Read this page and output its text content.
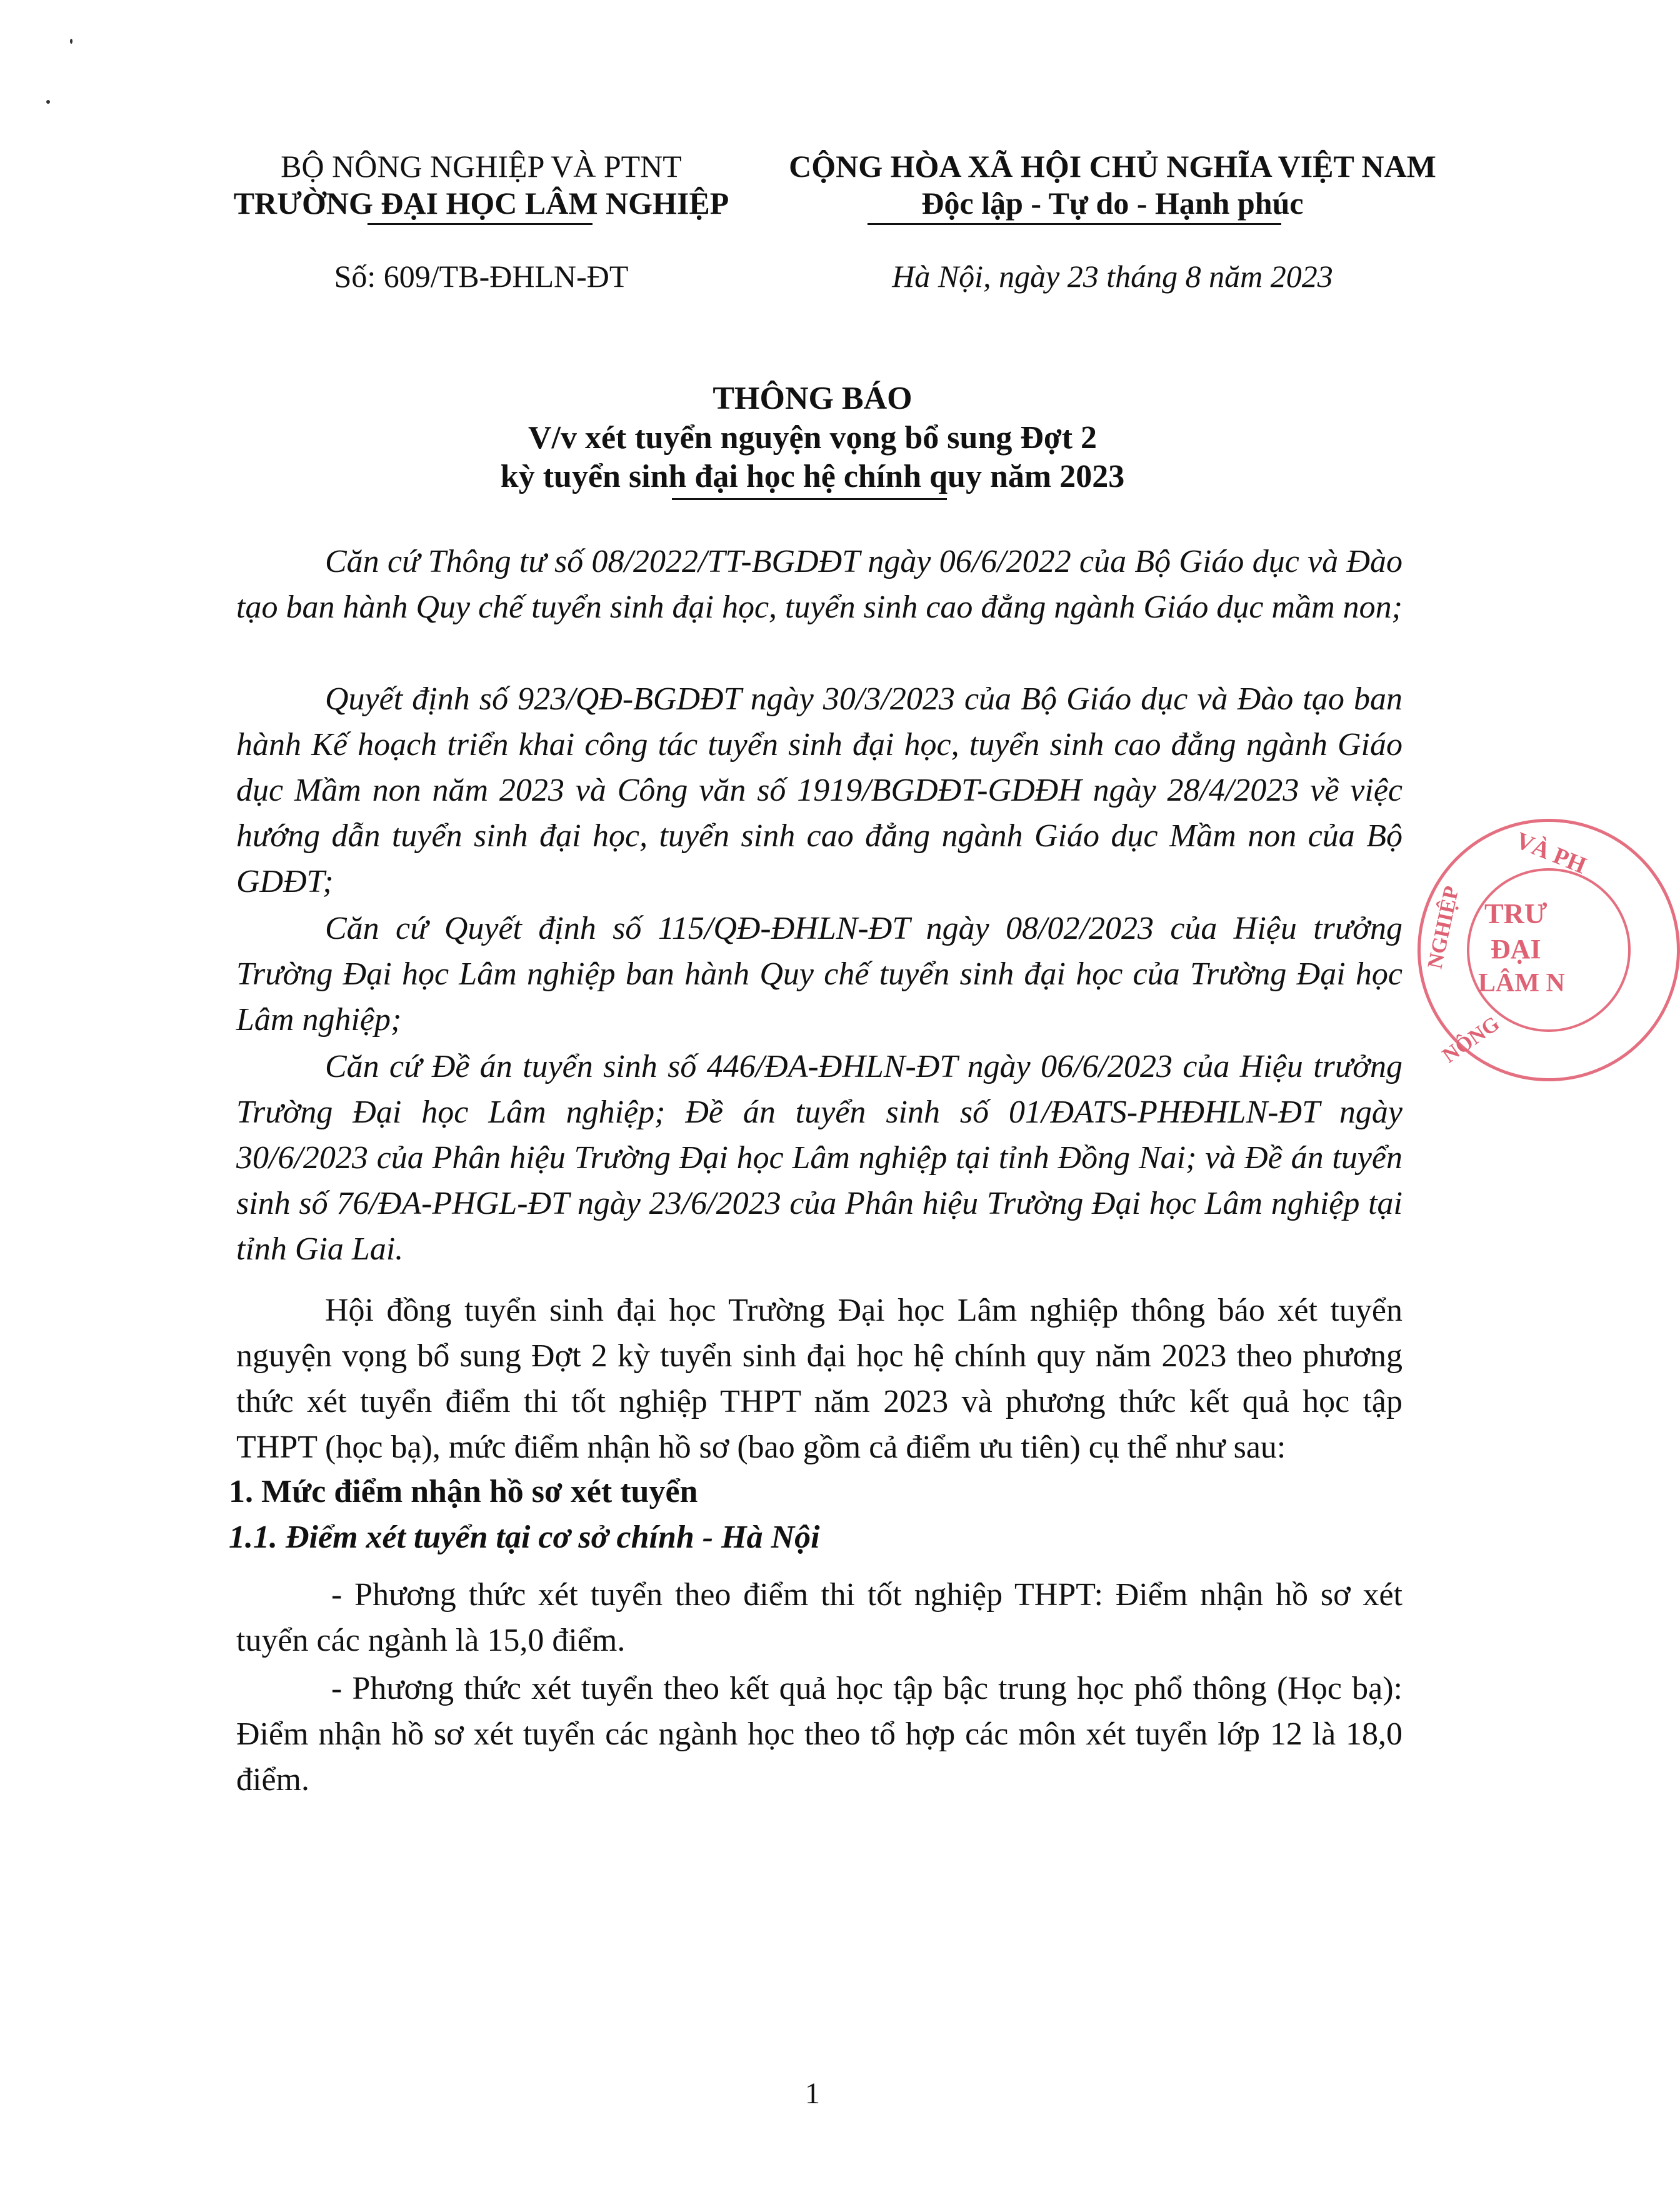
BỘ NÔNG NGHIỆP VÀ PTNT
TRƯỜNG ĐẠI HỌC LÂM NGHIỆP
Số: 609/TB-ĐHLN-ĐT
CỘNG HÒA XÃ HỘI CHỦ NGHĨA VIỆT NAM
Độc lập - Tự do - Hạnh phúc
Hà Nội, ngày 23 tháng 8 năm 2023
THÔNG BÁO
V/v xét tuyển nguyện vọng bổ sung Đợt 2
kỳ tuyển sinh đại học hệ chính quy năm 2023
Căn cứ Thông tư số 08/2022/TT-BGDĐT ngày 06/6/2022 của Bộ Giáo dục và Đào tạo ban hành Quy chế tuyển sinh đại học, tuyển sinh cao đẳng ngành Giáo dục mầm non;
Quyết định số 923/QĐ-BGDĐT ngày 30/3/2023 của Bộ Giáo dục và Đào tạo ban hành Kế hoạch triển khai công tác tuyển sinh đại học, tuyển sinh cao đẳng ngành Giáo dục Mầm non năm 2023 và Công văn số 1919/BGDĐT-GDĐH ngày 28/4/2023 về việc hướng dẫn tuyển sinh đại học, tuyển sinh cao đẳng ngành Giáo dục Mầm non của Bộ GDĐT;
Căn cứ Quyết định số 115/QĐ-ĐHLN-ĐT ngày 08/02/2023 của Hiệu trưởng Trường Đại học Lâm nghiệp ban hành Quy chế tuyển sinh đại học của Trường Đại học Lâm nghiệp;
Căn cứ Đề án tuyển sinh số 446/ĐA-ĐHLN-ĐT ngày 06/6/2023 của Hiệu trưởng Trường Đại học Lâm nghiệp; Đề án tuyển sinh số 01/ĐATS-PHĐHLN-ĐT ngày 30/6/2023 của Phân hiệu Trường Đại học Lâm nghiệp tại tỉnh Đồng Nai; và Đề án tuyển sinh số 76/ĐA-PHGL-ĐT ngày 23/6/2023 của Phân hiệu Trường Đại học Lâm nghiệp tại tỉnh Gia Lai.
Hội đồng tuyển sinh đại học Trường Đại học Lâm nghiệp thông báo xét tuyển nguyện vọng bổ sung Đợt 2 kỳ tuyển sinh đại học hệ chính quy năm 2023 theo phương thức xét tuyển điểm thi tốt nghiệp THPT năm 2023 và phương thức kết quả học tập THPT (học bạ), mức điểm nhận hồ sơ (bao gồm cả điểm ưu tiên) cụ thể như sau:
1. Mức điểm nhận hồ sơ xét tuyển
1.1. Điểm xét tuyển tại cơ sở chính - Hà Nội
- Phương thức xét tuyển theo điểm thi tốt nghiệp THPT: Điểm nhận hồ sơ xét tuyển các ngành là 15,0 điểm.
- Phương thức xét tuyển theo kết quả học tập bậc trung học phổ thông (Học bạ): Điểm nhận hồ sơ xét tuyển các ngành học theo tổ hợp các môn xét tuyển lớp 12 là 18,0 điểm.
VÀ PH
NGHIỆP
NÔNG
TRƯ
ĐẠI
LÂM N
1
